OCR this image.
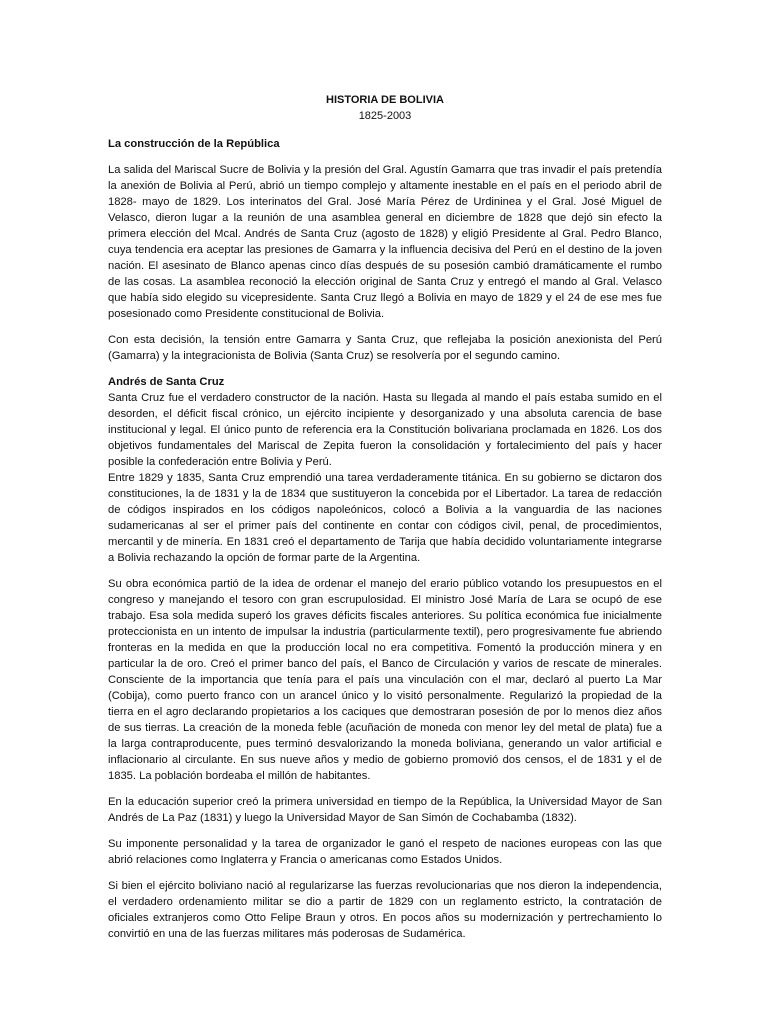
HISTORIA DE BOLIVIA
1825-2003
La construcción de la República

La salida del Mariscal Sucre de Bolivia y la presión del Gral. Agustín Gamarra que tras invadir el país pretendía la anexión de Bolivia al Perú, abrió un tiempo complejo y altamente inestable en el país en el periodo abril de 1828- mayo de 1829. Los interinatos del Gral. José María Pérez de Urdininea y el Gral. José Miguel de Velasco, dieron lugar a la reunión de una asamblea general en diciembre de 1828 que dejó sin efecto la primera elección del Mcal. Andrés de Santa Cruz (agosto de 1828) y eligió Presidente al Gral. Pedro Blanco, cuya tendencia era aceptar las presiones de Gamarra y la influencia decisiva del Perú en el destino de la joven nación. El asesinato de Blanco apenas cinco días después de su posesión cambió dramáticamente el rumbo de las cosas. La asamblea reconoció la elección original de Santa Cruz y entregó el mando al Gral. Velasco que había sido elegido su vicepresidente. Santa Cruz llegó a Bolivia en mayo de 1829 y el 24 de ese mes fue posesionado como Presidente constitucional de Bolivia.

Con esta decisión, la tensión entre Gamarra y Santa Cruz, que reflejaba la posición anexionista del Perú (Gamarra) y la integracionista de Bolivia (Santa Cruz) se resolvería por el segundo camino.

Andrés de Santa Cruz

Santa Cruz fue el verdadero constructor de la nación. Hasta su llegada al mando el país estaba sumido en el desorden, el déficit fiscal crónico, un ejército incipiente y desorganizado y una absoluta carencia de base institucional y legal. El único punto de referencia era la Constitución bolivariana proclamada en 1826. Los dos objetivos fundamentales del Mariscal de Zepita fueron la consolidación y fortalecimiento del país y hacer posible la confederación entre Bolivia y Perú.

Entre 1829 y 1835, Santa Cruz emprendió una tarea verdaderamente titánica. En su gobierno se dictaron dos constituciones, la de 1831 y la de 1834 que sustituyeron la concebida por el Libertador. La tarea de redacción de códigos inspirados en los códigos napoleónicos, colocó a Bolivia a la vanguardia de las naciones sudamericanas al ser el primer país del continente en contar con códigos civil, penal, de procedimientos, mercantil y de minería. En 1831 creó el departamento de Tarija que había decidido voluntariamente integrarse a Bolivia rechazando la opción de formar parte de la Argentina.

Su obra económica partió de la idea de ordenar el manejo del erario público votando los presupuestos en el congreso y manejando el tesoro con gran escrupulosidad. El ministro José María de Lara se ocupó de ese trabajo. Esa sola medida superó los graves déficits fiscales anteriores. Su política económica fue inicialmente proteccionista en un intento de impulsar la industria (particularmente textil), pero progresivamente fue abriendo fronteras en la medida en que la producción local no era competitiva. Fomentó la producción minera y en particular la de oro. Creó el primer banco del país, el Banco de Circulación y varios de rescate de minerales. Consciente de la importancia que tenía para el país una vinculación con el mar, declaró al puerto La Mar (Cobija), como puerto franco con un arancel único y lo visitó personalmente. Regularizó la propiedad de la tierra en el agro declarando propietarios a los caciques que demostraran posesión de por lo menos diez años de sus tierras. La creación de la moneda feble (acuñación de moneda con menor ley del metal de plata) fue a la larga contraproducente, pues terminó desvalorizando la moneda boliviana, generando un valor artificial e inflacionario al circulante. En sus nueve años y medio de gobierno promovió dos censos, el de 1831 y el de 1835. La población bordeaba el millón de habitantes.

En la educación superior creó la primera universidad en tiempo de la República, la Universidad Mayor de San Andrés de La Paz (1831) y luego la Universidad Mayor de San Simón de Cochabamba (1832).

Su imponente personalidad y la tarea de organizador le ganó el respeto de naciones europeas con las que abrió relaciones como Inglaterra y Francia o americanas como Estados Unidos.

Si bien el ejército boliviano nació al regularizarse las fuerzas revolucionarias que nos dieron la independencia, el verdadero ordenamiento militar se dio a partir de 1829 con un reglamento estricto, la contratación de oficiales extranjeros como Otto Felipe Braun y otros. En pocos años su modernización y pertrechamiento lo convirtió en una de las fuerzas militares más poderosas de Sudamérica.
